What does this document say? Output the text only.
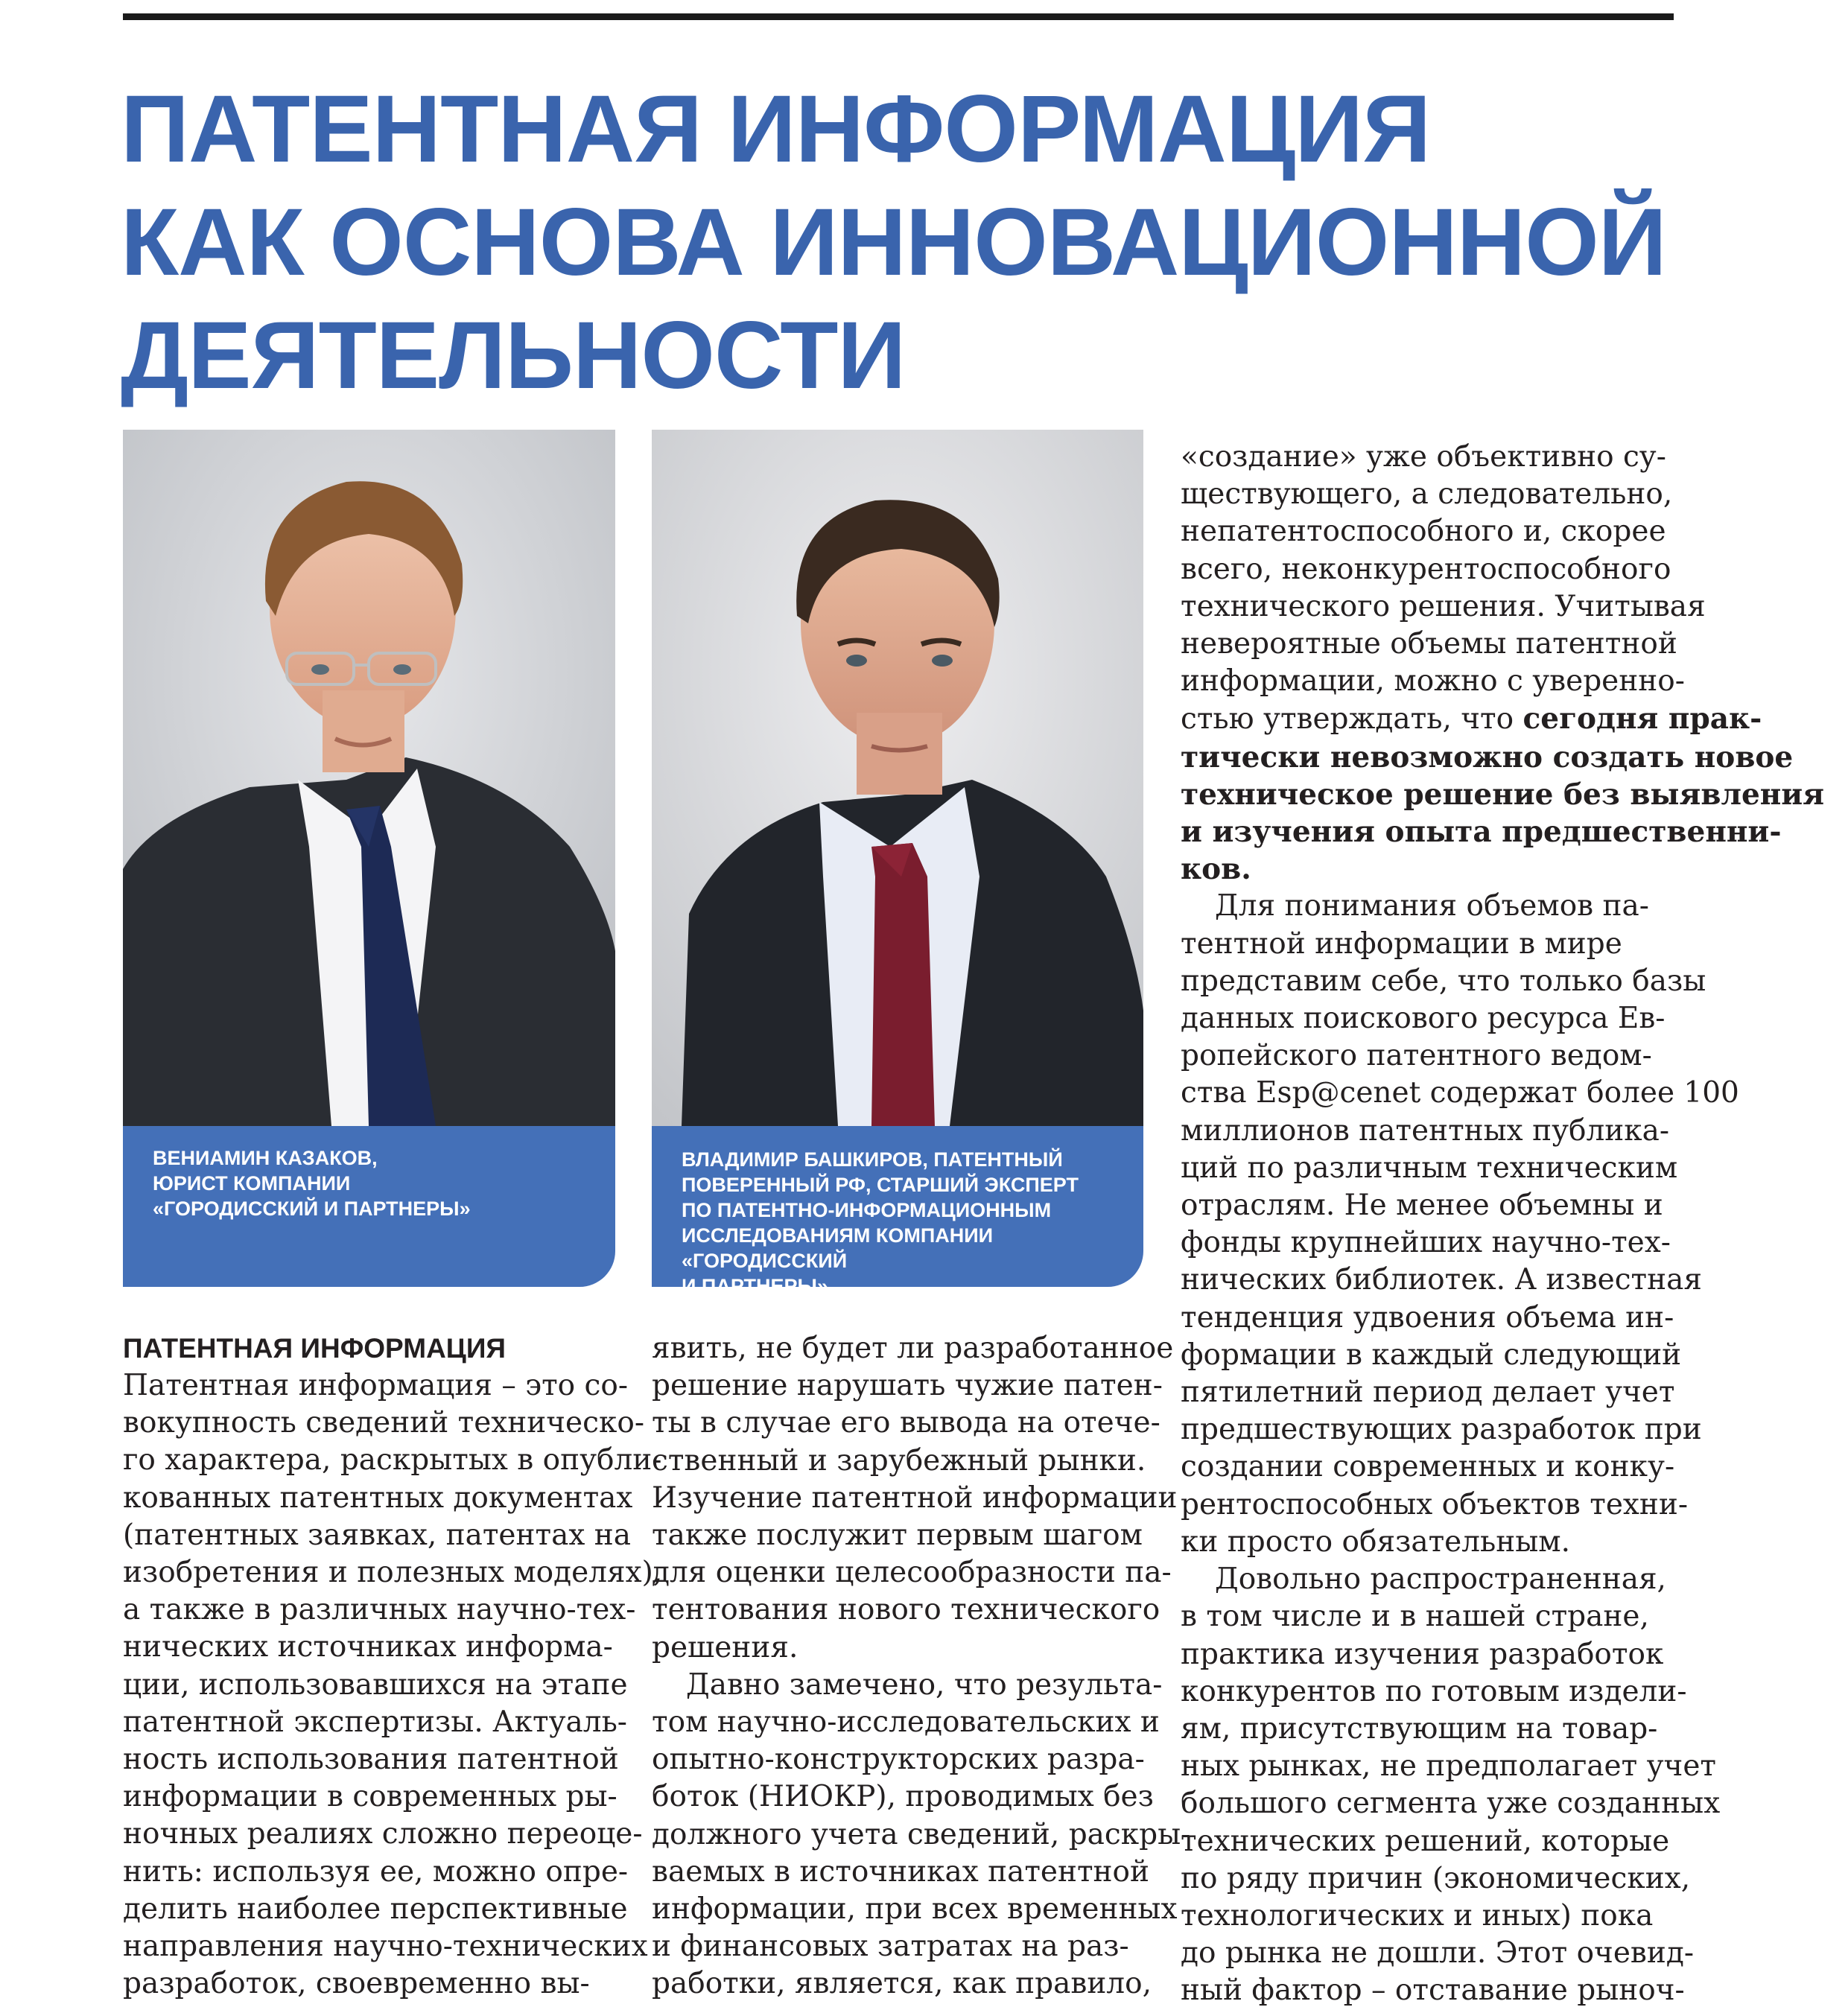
ПАТЕНТНАЯ ИНФОРМАЦИЯ
КАК ОСНОВА ИННОВАЦИОННОЙ
ДЕЯТЕЛЬНОСТИ
ВЕНИАМИН КАЗАКОВ,
ЮРИСТ КОМПАНИИ
«ГОРОДИССКИЙ И ПАРТНЕРЫ»
ВЛАДИМИР БАШКИРОВ, ПАТЕНТНЫЙ
ПОВЕРЕННЫЙ РФ, СТАРШИЙ ЭКСПЕРТ
ПО ПАТЕНТНО-ИНФОРМАЦИОННЫМ
ИССЛЕДОВАНИЯМ КОМПАНИИ «ГОРОДИССКИЙ
И ПАРТНЕРЫ»
ПАТЕНТНАЯ ИНФОРМАЦИЯ

Патентная информация – это со-
вокупность сведений техническо-
го характера, раскрытых в опубли-
кованных патентных документах
(патентных заявках, патентах на
изобретения и полезных моделях),
а также в различных научно-тех-
нических источниках информа-
ции, использовавшихся на этапе
патентной экспертизы. Актуаль-
ность использования патентной
информации в современных ры-
ночных реалиях сложно переоце-
нить: используя ее, можно опре-
делить наиболее перспективные
направления научно-технических
разработок, своевременно вы-

явить, не будет ли разработанное
решение нарушать чужие патен-
ты в случае его вывода на отече-
ственный и зарубежный рынки.
Изучение патентной информации
также послужит первым шагом
для оценки целесообразности па-
тентования нового технического
решения.

Давно замечено, что результа-
том научно-исследовательских и
опытно-конструкторских разра-
боток (НИОКР), проводимых без
должного учета сведений, раскры-
ваемых в источниках патентной
информации, при всех временных
и финансовых затратах на раз-
работки, является, как правило,

«создание» уже объективно су-
ществующего, а следовательно,
непатентоспособного и, скорее
всего, неконкурентоспособного
технического решения. Учитывая
невероятные объемы патентной
информации, можно с уверенно-
стью утверждать, что сегодня прак-
тически невозможно создать новое
техническое решение без выявления
и изучения опыта предшественни-
ков.

Для понимания объемов па-
тентной информации в мире
представим себе, что только базы
данных поискового ресурса Ев-
ропейского патентного ведом-
ства Esp@cenet содержат более 100
миллионов патентных публика-
ций по различным техническим
отраслям. Не менее объемны и
фонды крупнейших научно-тех-
нических библиотек. А известная
тенденция удвоения объема ин-
формации в каждый следующий
пятилетний период делает учет
предшествующих разработок при
создании современных и конку-
рентоспособных объектов техни-
ки просто обязательным.

Довольно распространенная,
в том числе и в нашей стране,
практика изучения разработок
конкурентов по готовым издели-
ям, присутствующим на товар-
ных рынках, не предполагает учет
большого сегмента уже созданных
технических решений, которые
по ряду причин (экономических,
технологических и иных) пока
до рынка не дошли. Этот очевид-
ный фактор – отставание рыноч-
